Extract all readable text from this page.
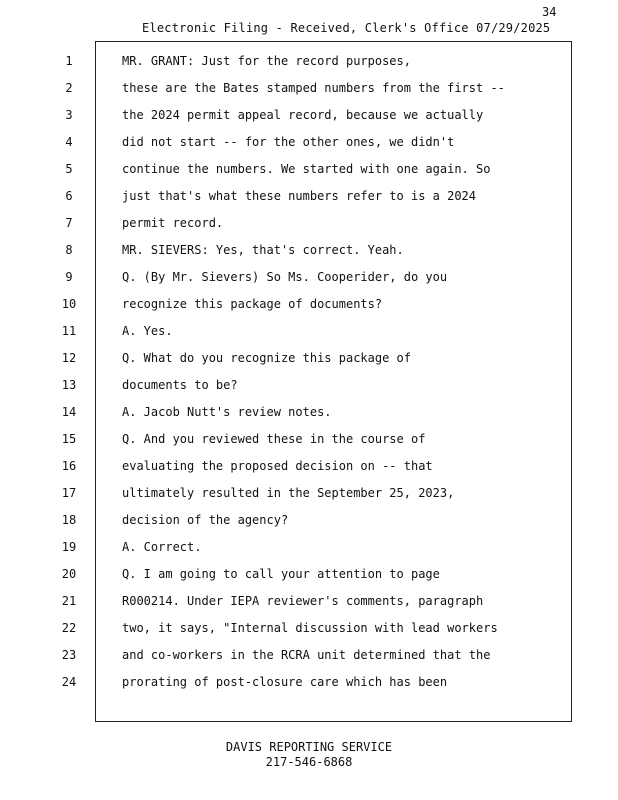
Electronic Filing - Received, Clerk's Office 07/29/2025
34
1
2
3
4
5
6
7
8
9
10
11
12
13
14
15
16
17
18
19
20
21
22
23
24
MR. GRANT: Just for the record purposes,
these are the Bates stamped numbers from the first --
the 2024 permit appeal record, because we actually
did not start -- for the other ones, we didn't
continue the numbers. We started with one again. So
just that's what these numbers refer to is a 2024
permit record.
MR. SIEVERS: Yes, that's correct. Yeah.
Q. (By Mr. Sievers) So Ms. Cooperider, do you
recognize this package of documents?
A. Yes.
Q. What do you recognize this package of
documents to be?
A. Jacob Nutt's review notes.
Q. And you reviewed these in the course of
evaluating the proposed decision on -- that
ultimately resulted in the September 25, 2023,
decision of the agency?
A. Correct.
Q. I am going to call your attention to page
R000214. Under IEPA reviewer's comments, paragraph
two, it says, "Internal discussion with lead workers
and co-workers in the RCRA unit determined that the
prorating of post-closure care which has been
DAVIS REPORTING SERVICE
217-546-6868
